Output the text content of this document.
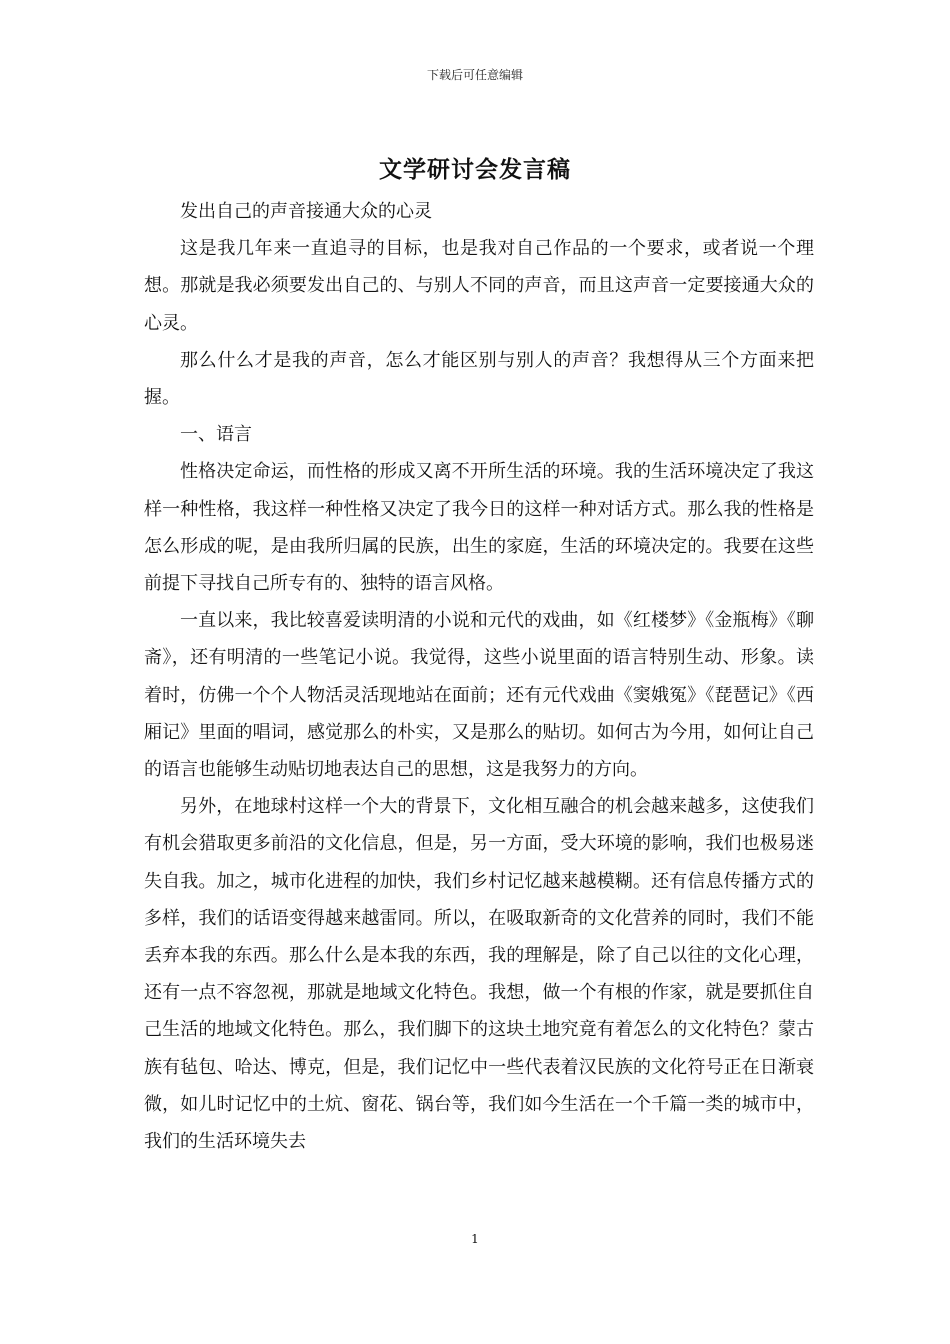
下载后可任意编辑
文学研讨会发言稿

发出自己的声音接通大众的心灵

这是我几年来一直追寻的目标，也是我对自己作品的一个要求，或者说一个理想。那就是我必须要发出自己的、与别人不同的声音，而且这声音一定要接通大众的心灵。

那么什么才是我的声音，怎么才能区别与别人的声音？我想得从三个方面来把握。

一、语言

性格决定命运，而性格的形成又离不开所生活的环境。我的生活环境决定了我这样一种性格，我这样一种性格又决定了我今日的这样一种对话方式。那么我的性格是怎么形成的呢，是由我所归属的民族，出生的家庭，生活的环境决定的。我要在这些前提下寻找自己所专有的、独特的语言风格。

一直以来，我比较喜爱读明清的小说和元代的戏曲，如《红楼梦》《金瓶梅》《聊斋》，还有明清的一些笔记小说。我觉得，这些小说里面的语言特别生动、形象。读着时，仿佛一个个人物活灵活现地站在面前；还有元代戏曲《窦娥冤》《琵琶记》《西厢记》里面的唱词，感觉那么的朴实，又是那么的贴切。如何古为今用，如何让自己的语言也能够生动贴切地表达自己的思想，这是我努力的方向。

另外，在地球村这样一个大的背景下，文化相互融合的机会越来越多，这使我们有机会猎取更多前沿的文化信息，但是，另一方面，受大环境的影响，我们也极易迷失自我。加之，城市化进程的加快，我们乡村记忆越来越模糊。还有信息传播方式的多样，我们的话语变得越来越雷同。所以，在吸取新奇的文化营养的同时，我们不能丢弃本我的东西。那么什么是本我的东西，我的理解是，除了自己以往的文化心理，还有一点不容忽视，那就是地域文化特色。我想，做一个有根的作家，就是要抓住自己生活的地域文化特色。那么，我们脚下的这块土地究竟有着怎么的文化特色？蒙古族有毡包、哈达、博克，但是，我们记忆中一些代表着汉民族的文化符号正在日渐衰微，如儿时记忆中的土炕、窗花、锅台等，我们如今生活在一个千篇一类的城市中，我们的生活环境失去

1
